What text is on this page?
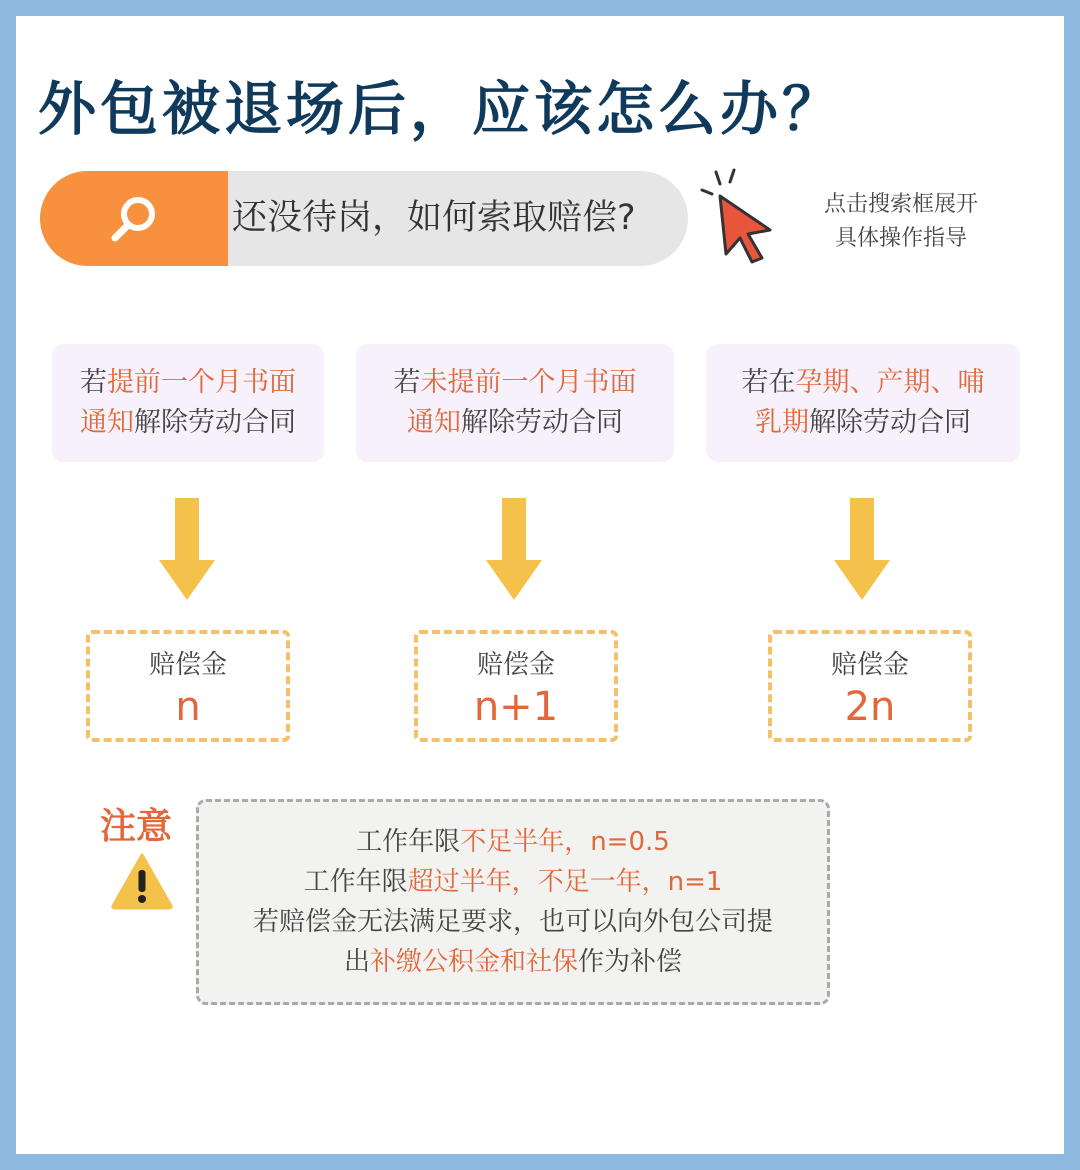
外包被退场后，应该怎么办？
还没待岗，如何索取赔偿?	点击搜索框展开
具体操作指导
若提前一个月书面
通知解除劳动合同
若未提前一个月书面
通知解除劳动合同
若在孕期、产期、哺
乳期解除劳动合同
赔偿金
n
赔偿金
n+1
赔偿金
2n
注意	工作年限不足半年，n=0.5
工作年限超过半年，不足一年，n=1
若赔偿金无法满足要求，也可以向外包公司提
出补缴公积金和社保作为补偿
